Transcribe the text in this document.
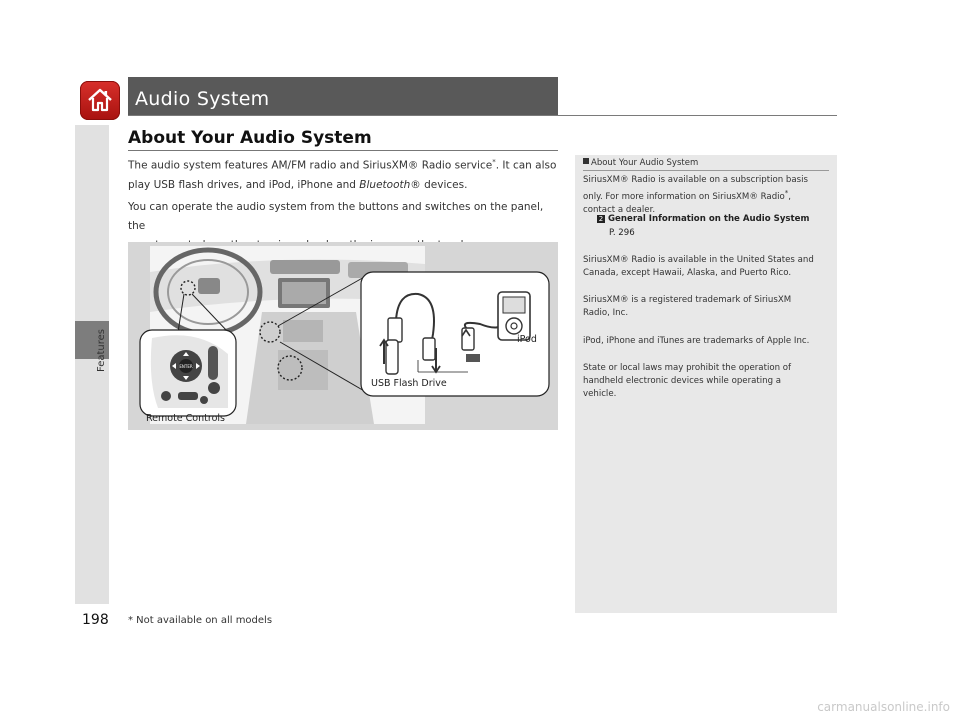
Features
Audio System
About Your Audio System
The audio system features AM/FM radio and SiriusXM® Radio service*. It can also
play USB flash drives, and iPod, iPhone and Bluetooth® devices.
You can operate the audio system from the buttons and switches on the panel, the

ENTER
iPod
USB Flash Drive
Remote Controls
About Your Audio System
SiriusXM® Radio is available on a subscription basis
only. For more information on SiriusXM® Radio*,
contact a dealer.
2 General Information on the Audio System
P. 296
SiriusXM® Radio is available in the United States and
Canada, except Hawaii, Alaska, and Puerto Rico.
SiriusXM® is a registered trademark of SiriusXM
Radio, Inc.
iPod, iPhone and iTunes are trademarks of Apple Inc.
State or local laws may prohibit the operation of
handheld electronic devices while operating a
vehicle.
198 * Not available on all models
carmanualsonline.info
